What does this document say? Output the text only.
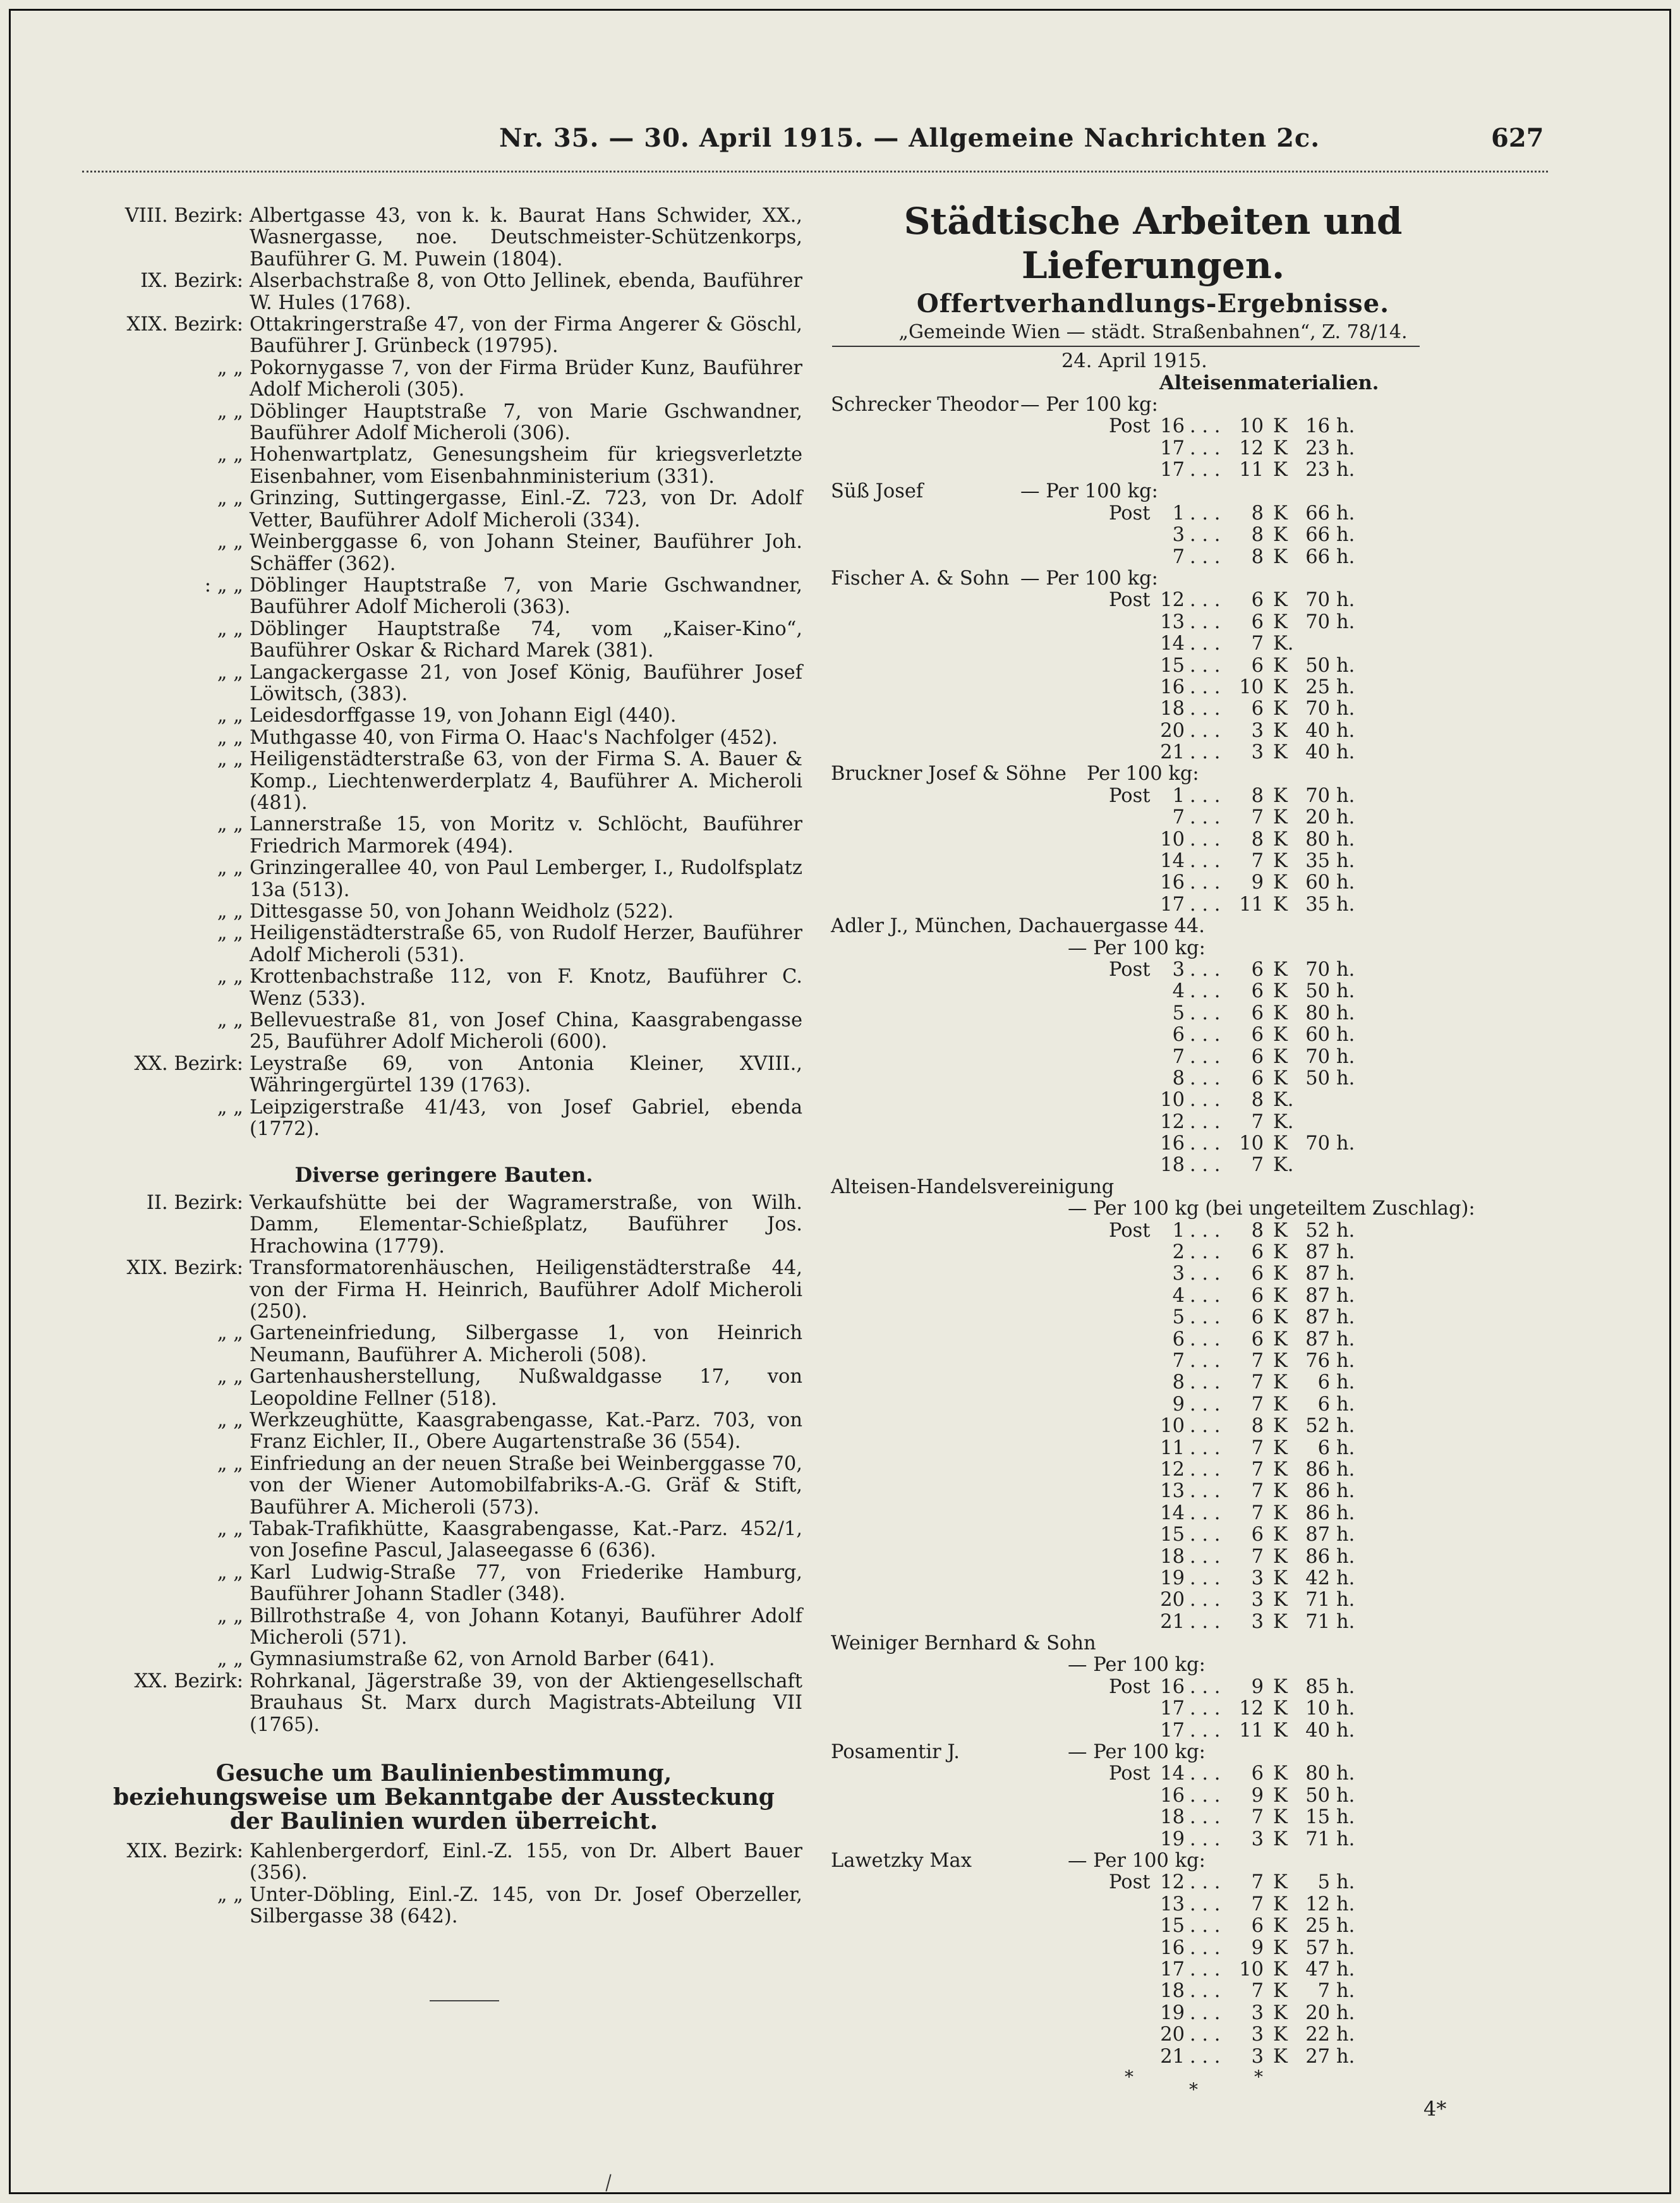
Nr. 35. — 30. April 1915. — Allgemeine Nachrichten 2c.	627
VIII. Bezirk: Albertgasse 43, von k. k. Baurat Hans Schwider, XX., Wasnergasse, noe. Deutschmeister-Schützenkorps, Bauführer G. M. Puwein (1804).
IX. Bezirk: Alserbachstraße 8, von Otto Jellinek, ebenda, Bauführer W. Hules (1768).
XIX. Bezirk: Ottakringerstraße 47, von der Firma Angerer & Göschl, Bauführer J. Grünbeck (19795).
„ „ Pokornygasse 7, von der Firma Brüder Kunz, Bauführer Adolf Micheroli (305).
„ „ Döblinger Hauptstraße 7, von Marie Gschwandner, Bauführer Adolf Micheroli (306).
„ „ Hohenwartplatz, Genesungsheim für kriegsverletzte Eisenbahner, vom Eisenbahnministerium (331).
„ „ Grinzing, Suttingergasse, Einl.-Z. 723, von Dr. Adolf Vetter, Bauführer Adolf Micheroli (334).
„ „ Weinberggasse 6, von Johann Steiner, Bauführer Joh. Schäffer (362).
: „ „ Döblinger Hauptstraße 7, von Marie Gschwandner, Bauführer Adolf Micheroli (363).
„ „ Döblinger Hauptstraße 74, vom „Kaiser-Kino“, Bauführer Oskar & Richard Marek (381).
„ „ Langackergasse 21, von Josef König, Bauführer Josef Löwitsch, (383).
„ „ Leidesdorffgasse 19, von Johann Eigl (440).
„ „ Muthgasse 40, von Firma O. Haac's Nachfolger (452).
„ „ Heiligenstädterstraße 63, von der Firma S. A. Bauer & Komp., Liechtenwerderplatz 4, Bauführer A. Micheroli (481).
„ „ Lannerstraße 15, von Moritz v. Schlöcht, Bauführer Friedrich Marmorek (494).
„ „ Grinzingerallee 40, von Paul Lemberger, I., Rudolfsplatz 13a (513).
„ „ Dittesgasse 50, von Johann Weidholz (522).
„ „ Heiligenstädterstraße 65, von Rudolf Herzer, Bauführer Adolf Micheroli (531).
„ „ Krottenbachstraße 112, von F. Knotz, Bauführer C. Wenz (533).
„ „ Bellevuestraße 81, von Josef China, Kaasgrabengasse 25, Bauführer Adolf Micheroli (600).
XX. Bezirk: Leystraße 69, von Antonia Kleiner, XVIII., Währingergürtel 139 (1763).
„ „ Leipzigerstraße 41/43, von Josef Gabriel, ebenda (1772).
Diverse geringere Bauten.
II. Bezirk: Verkaufshütte bei der Wagramerstraße, von Wilh. Damm, Elementar-Schießplatz, Bauführer Jos. Hrachowina (1779).
XIX. Bezirk: Transformatorenhäuschen, Heiligenstädterstraße 44, von der Firma H. Heinrich, Bauführer Adolf Micheroli (250).
„ „ Garteneinfriedung, Silbergasse 1, von Heinrich Neumann, Bauführer A. Micheroli (508).
„ „ Gartenhausherstellung, Nußwaldgasse 17, von Leopoldine Fellner (518).
„ „ Werkzeughütte, Kaasgrabengasse, Kat.-Parz. 703, von Franz Eichler, II., Obere Augartenstraße 36 (554).
„ „ Einfriedung an der neuen Straße bei Weinberggasse 70, von der Wiener Automobilfabriks-A.-G. Gräf & Stift, Bauführer A. Micheroli (573).
„ „ Tabak-Trafikhütte, Kaasgrabengasse, Kat.-Parz. 452/1, von Josefine Pascul, Jalaseegasse 6 (636).
„ „ Karl Ludwig-Straße 77, von Friederike Hamburg, Bauführer Johann Stadler (348).
„ „ Billrothstraße 4, von Johann Kotanyi, Bauführer Adolf Micheroli (571).
„ „ Gymnasiumstraße 62, von Arnold Barber (641).
XX. Bezirk: Rohrkanal, Jägerstraße 39, von der Aktiengesellschaft Brauhaus St. Marx durch Magistrats-Abteilung VII (1765).
Gesuche um Baulinienbestimmung, beziehungsweise um Bekanntgabe der Aussteckung der Baulinien wurden überreicht.
XIX. Bezirk: Kahlenbergerdorf, Einl.-Z. 155, von Dr. Albert Bauer (356).
„ „ Unter-Döbling, Einl.-Z. 145, von Dr. Josef Oberzeller, Silbergasse 38 (642).
Städtische Arbeiten und Lieferungen.
Offertverhandlungs-Ergebnisse.
„Gemeinde Wien — städt. Straßenbahnen“, Z. 78/14.
24. April 1915.
Alteisenmaterialien.
Schrecker Theodor — Per 100 kg:
Post 16 . . . 10 K 16 h.
17 . . . 12 K 23 h.
17 . . . 11 K 23 h.
Süß Josef	— Per 100 kg:
Post	1 . . .	8 K 66 h.
3 . . .	8 K 66 h.
7 . . .	8 K 66 h.
Fischer A. & Sohn — Per 100 kg:
Post 12 . . .	6 K 70 h.
13 . . .	6 K 70 h.
14 . . .	7 K.
15 . . .	6 K 50 h.
16 . . . 10 K 25 h.
18 . . .	6 K 70 h.
20 . . .	3 K 40 h.
21 . . .	3 K 40 h.
Bruckner Josef & Söhne Per 100 kg:
Post	1 . . .	8 K 70 h.
7 . . .	7 K 20 h.
10 . . .	8 K 80 h.
14 . . .	7 K 35 h.
16 . . .	9 K 60 h.
17 . . . 11 K 35 h.
Adler J., München, Dachauergasse 44.
— Per 100 kg:
Post	3 . . .	6 K 70 h.
4 . . .	6 K 50 h.
5 . . .	6 K 80 h.
6 . . .	6 K 60 h.
7 . . .	6 K 70 h.
8 . . .	6 K 50 h.
10 . . .	8 K.
12 . . .	7 K.
16 . . . 10 K 70 h.
18 . . .	7 K.
Alteisen-Handelsvereinigung
— Per 100 kg (bei ungeteiltem Zuschlag):
Post	1 . . .	8 K 52 h.
2 . . .	6 K 87 h.
3 . . .	6 K 87 h.
4 . . .	6 K 87 h.
5 . . .	6 K 87 h.
6 . . .	6 K 87 h.
7 . . .	7 K 76 h.
8 . . .	7 K	6 h.
9 . . .	7 K	6 h.
10 . . .	8 K 52 h.
11 . . .	7 K	6 h.
12 . . .	7 K 86 h.
13 . . .	7 K 86 h.
14 . . .	7 K 86 h.
15 . . .	6 K 87 h.
18 . . .	7 K 86 h.
19 . . .	3 K 42 h.
20 . . .	3 K 71 h.
21 . . .	3 K 71 h.
Weiniger Bernhard & Sohn
— Per 100 kg:
Post 16 . . .	9 K 85 h.
17 . . . 12 K 10 h.
17 . . . 11 K 40 h.
Posamentir J.	— Per 100 kg:
Post 14 . . .	6 K 80 h.
16 . . .	9 K 50 h.
18 . . .	7 K 15 h.
19 . . .	3 K 71 h.
Lawetzky Max	— Per 100 kg:
Post 12 . . .	7 K	5 h.
13 . . .	7 K 12 h.
15 . . .	6 K 25 h.
16 . . .	9 K 57 h.
17 . . . 10 K 47 h.
18 . . .	7 K	7 h.
19 . . .	3 K 20 h.
20 . . .	3 K 22 h.
21 . . .	3 K 27 h.
*
*
*
4*
